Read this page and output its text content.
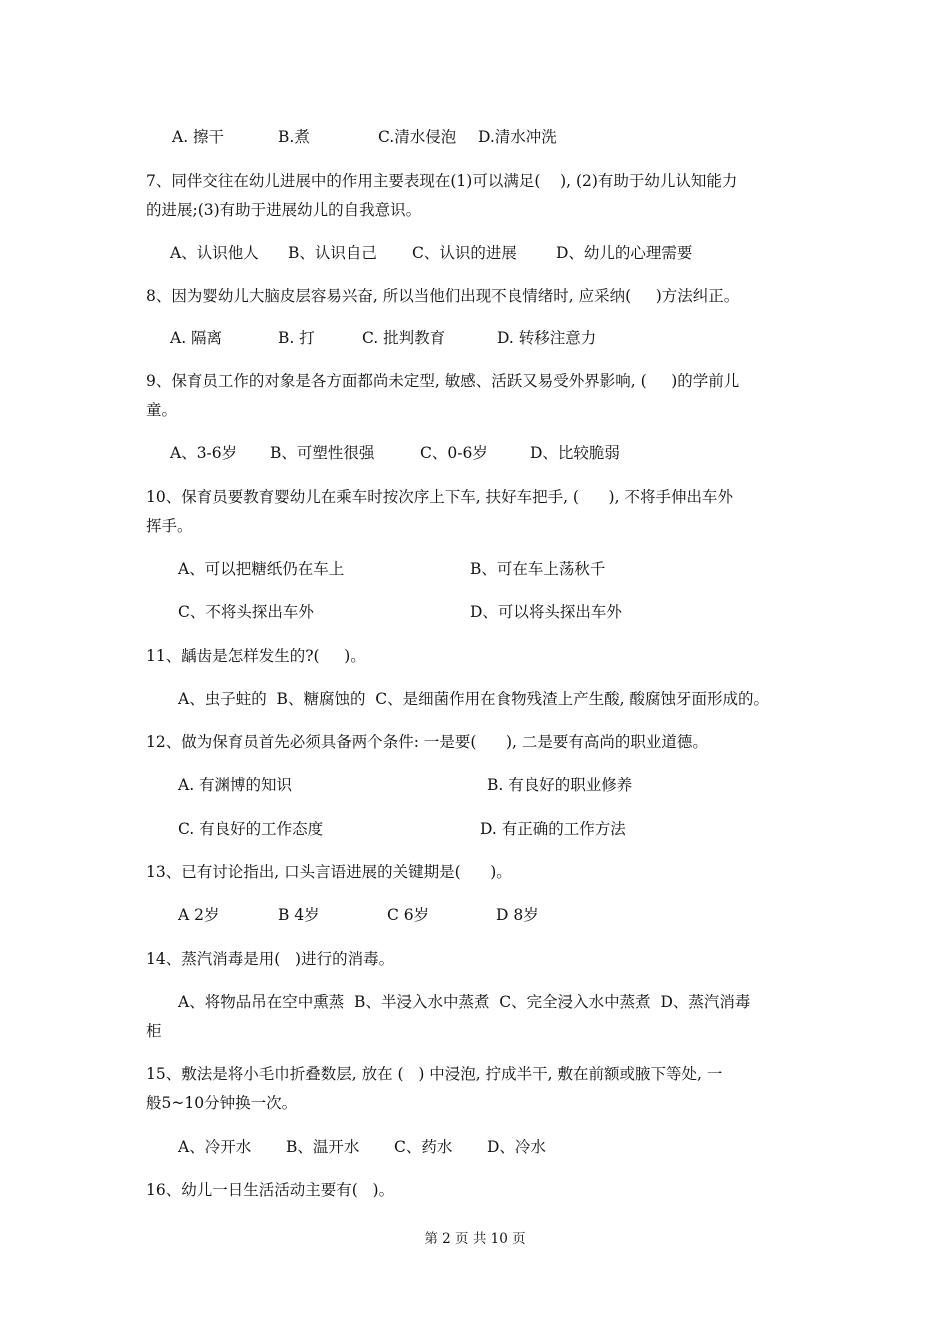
A. 擦干	B.煮	C.清水侵泡 D.清水冲洗
7、同伴交往在幼儿进展中的作用主要表现在(1)可以满足(    ), (2)有助于幼儿认知能力
的进展;(3)有助于进展幼儿的自我意识。
A、认识他人 B、认识自己 C、认识的进展	D、幼儿的心理需要
8、因为婴幼儿大脑皮层容易兴奋, 所以当他们出现不良情绪时, 应采纳(     )方法纠正。
A. 隔离	B. 打	C. 批判教育	D. 转移注意力
9、保育员工作的对象是各方面都尚未定型, 敏感、活跃又易受外界影响, (     )的学前儿
童。
A、3-6岁 B、可塑性很强	C、0-6岁	D、比较脆弱
10、保育员要教育婴幼儿在乘车时按次序上下车, 扶好车把手, (      ), 不将手伸出车外
挥手。
A、可以把糖纸仍在车上	B、可在车上荡秋千
C、不将头探出车外	D、可以将头探出车外
11、龋齿是怎样发生的?(     )。
A、虫子蛀的  B、糖腐蚀的  C、是细菌作用在食物残渣上产生酸, 酸腐蚀牙面形成的。
12、做为保育员首先必须具备两个条件: 一是要(      ), 二是要有高尚的职业道德。
A. 有渊博的知识	B. 有良好的职业修养
C. 有良好的工作态度	D. 有正确的工作方法
13、已有讨论指出, 口头言语进展的关键期是(      )。
A 2岁	B 4岁	C 6岁	D 8岁
14、蒸汽消毒是用(   )进行的消毒。
A、将物品吊在空中熏蒸  B、半浸入水中蒸煮  C、完全浸入水中蒸煮  D、蒸汽消毒
柜
15、敷法是将小毛巾折叠数层, 放在 (   ) 中浸泡, 拧成半干, 敷在前额或腋下等处, 一
般5~10分钟换一次。
A、冷开水 B、温开水 C、药水 D、冷水
16、幼儿一日生活活动主要有(   )。
第 2 页 共 10 页
